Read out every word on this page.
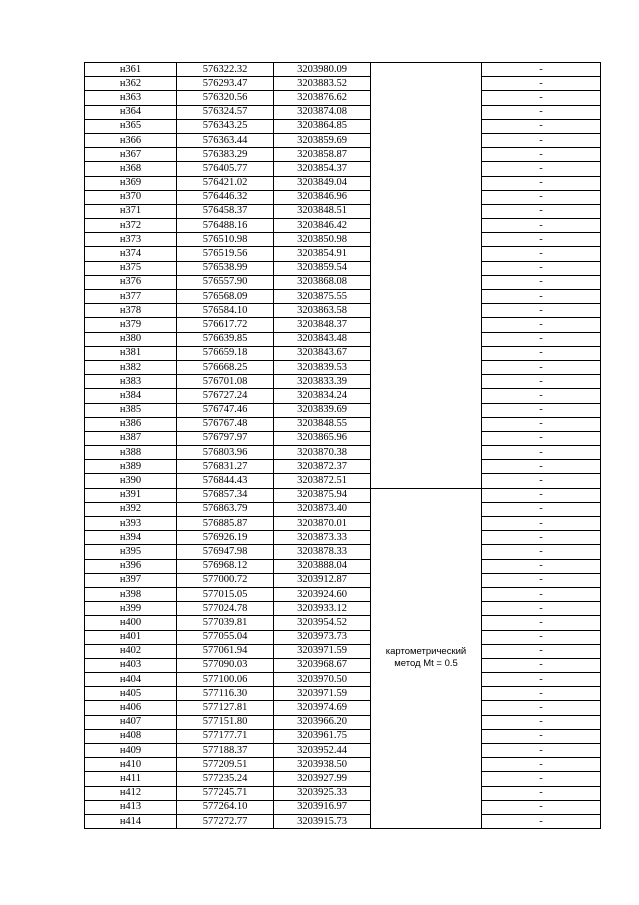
н361	576322.32	3203980.09		-
н362	576293.47	3203883.52		-
н363	576320.56	3203876.62		-
н364	576324.57	3203874.08		-
н365	576343.25	3203864.85		-
н366	576363.44	3203859.69		-
н367	576383.29	3203858.87		-
н368	576405.77	3203854.37		-
н369	576421.02	3203849.04		-
н370	576446.32	3203846.96		-
н371	576458.37	3203848.51		-
н372	576488.16	3203846.42		-
н373	576510.98	3203850.98		-
н374	576519.56	3203854.91		-
н375	576538.99	3203859.54		-
н376	576557.90	3203868.08		-
н377	576568.09	3203875.55		-
н378	576584.10	3203863.58		-
н379	576617.72	3203848.37		-
н380	576639.85	3203843.48		-
н381	576659.18	3203843.67		-
н382	576668.25	3203839.53		-
н383	576701.08	3203833.39		-
н384	576727.24	3203834.24		-
н385	576747.46	3203839.69		-
н386	576767.48	3203848.55		-
н387	576797.97	3203865.96		-
н388	576803.96	3203870.38		-
н389	576831.27	3203872.37		-
н390	576844.43	3203872.51		-
н391	576857.34	3203875.94	картометрический
метод Mt = 0.5	-
н392	576863.79	3203873.40		-
н393	576885.87	3203870.01		-
н394	576926.19	3203873.33		-
н395	576947.98	3203878.33		-
н396	576968.12	3203888.04		-
н397	577000.72	3203912.87		-
н398	577015.05	3203924.60		-
н399	577024.78	3203933.12		-
н400	577039.81	3203954.52		-
н401	577055.04	3203973.73		-
н402	577061.94	3203971.59		-
н403	577090.03	3203968.67		-
н404	577100.06	3203970.50		-
н405	577116.30	3203971.59		-
н406	577127.81	3203974.69		-
н407	577151.80	3203966.20		-
н408	577177.71	3203961.75		-
н409	577188.37	3203952.44		-
н410	577209.51	3203938.50		-
н411	577235.24	3203927.99		-
н412	577245.71	3203925.33		-
н413	577264.10	3203916.97		-
н414	577272.77	3203915.73		-
